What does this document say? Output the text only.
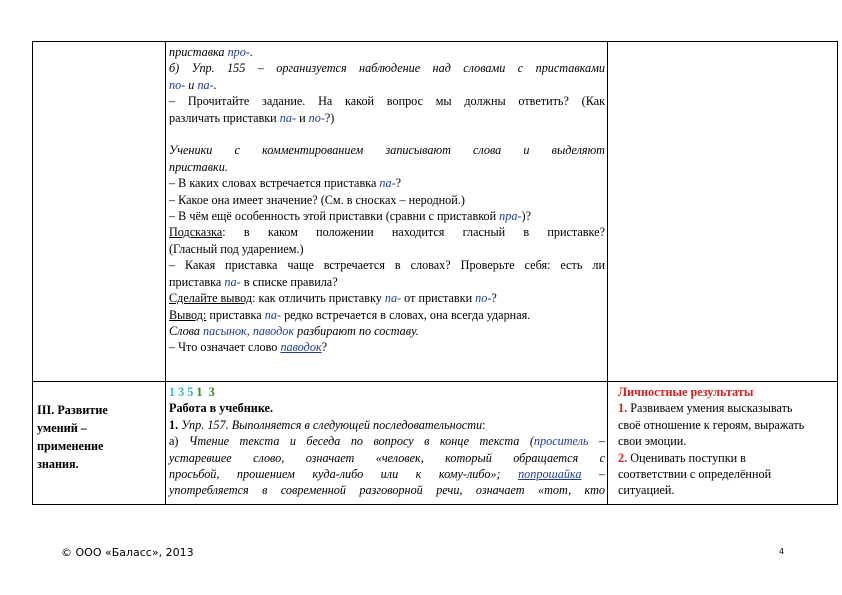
приставка про-.
б) Упр. 155 – организуется наблюдение над словами с приставками
по- и па-.
– Прочитайте задание. На какой вопрос мы должны ответить? (Как
различать приставки па- и по-?)

Ученики с комментированием записывают слова и выделяют
приставки.
– В каких словах встречается приставка па-?
– Какое она имеет значение? (См. в сносках – неродной.)
– В чём ещё особенность этой приставки (сравни с приставкой пра-)?
Подсказка: в каком положении находится гласный в приставке?
(Гласный под ударением.)
– Какая приставка чаще встречается в словах? Проверьте себя: есть ли
приставка па- в списке правила?
Сделайте вывод: как отличить приставку па- от приставки по-?
Вывод: приставка па- редко встречается в словах, она всегда ударная.
Слова пасынок, паводок разбирают по составу.
– Что означает слово паводок?
III. Развитие
умений –
применение
знания.
1 3 5 1 3
Работа в учебнике.
1. Упр. 157. Выполняется в следующей последовательности:
а) Чтение текста и беседа по вопросу в конце текста (проситель –
устаревшее слово, означает «человек, который обращается с
просьбой, прошением куда-либо или к кому-либо»; попрошайка –
употребляется в современной разговорной речи, означает «тот, кто
Личностные результаты
1. Развиваем умения высказывать
своё отношение к героям, выражать
свои эмоции.
2. Оценивать поступки в
соответствии с определённой
ситуацией.
© ООО «Баласс», 2013	4
